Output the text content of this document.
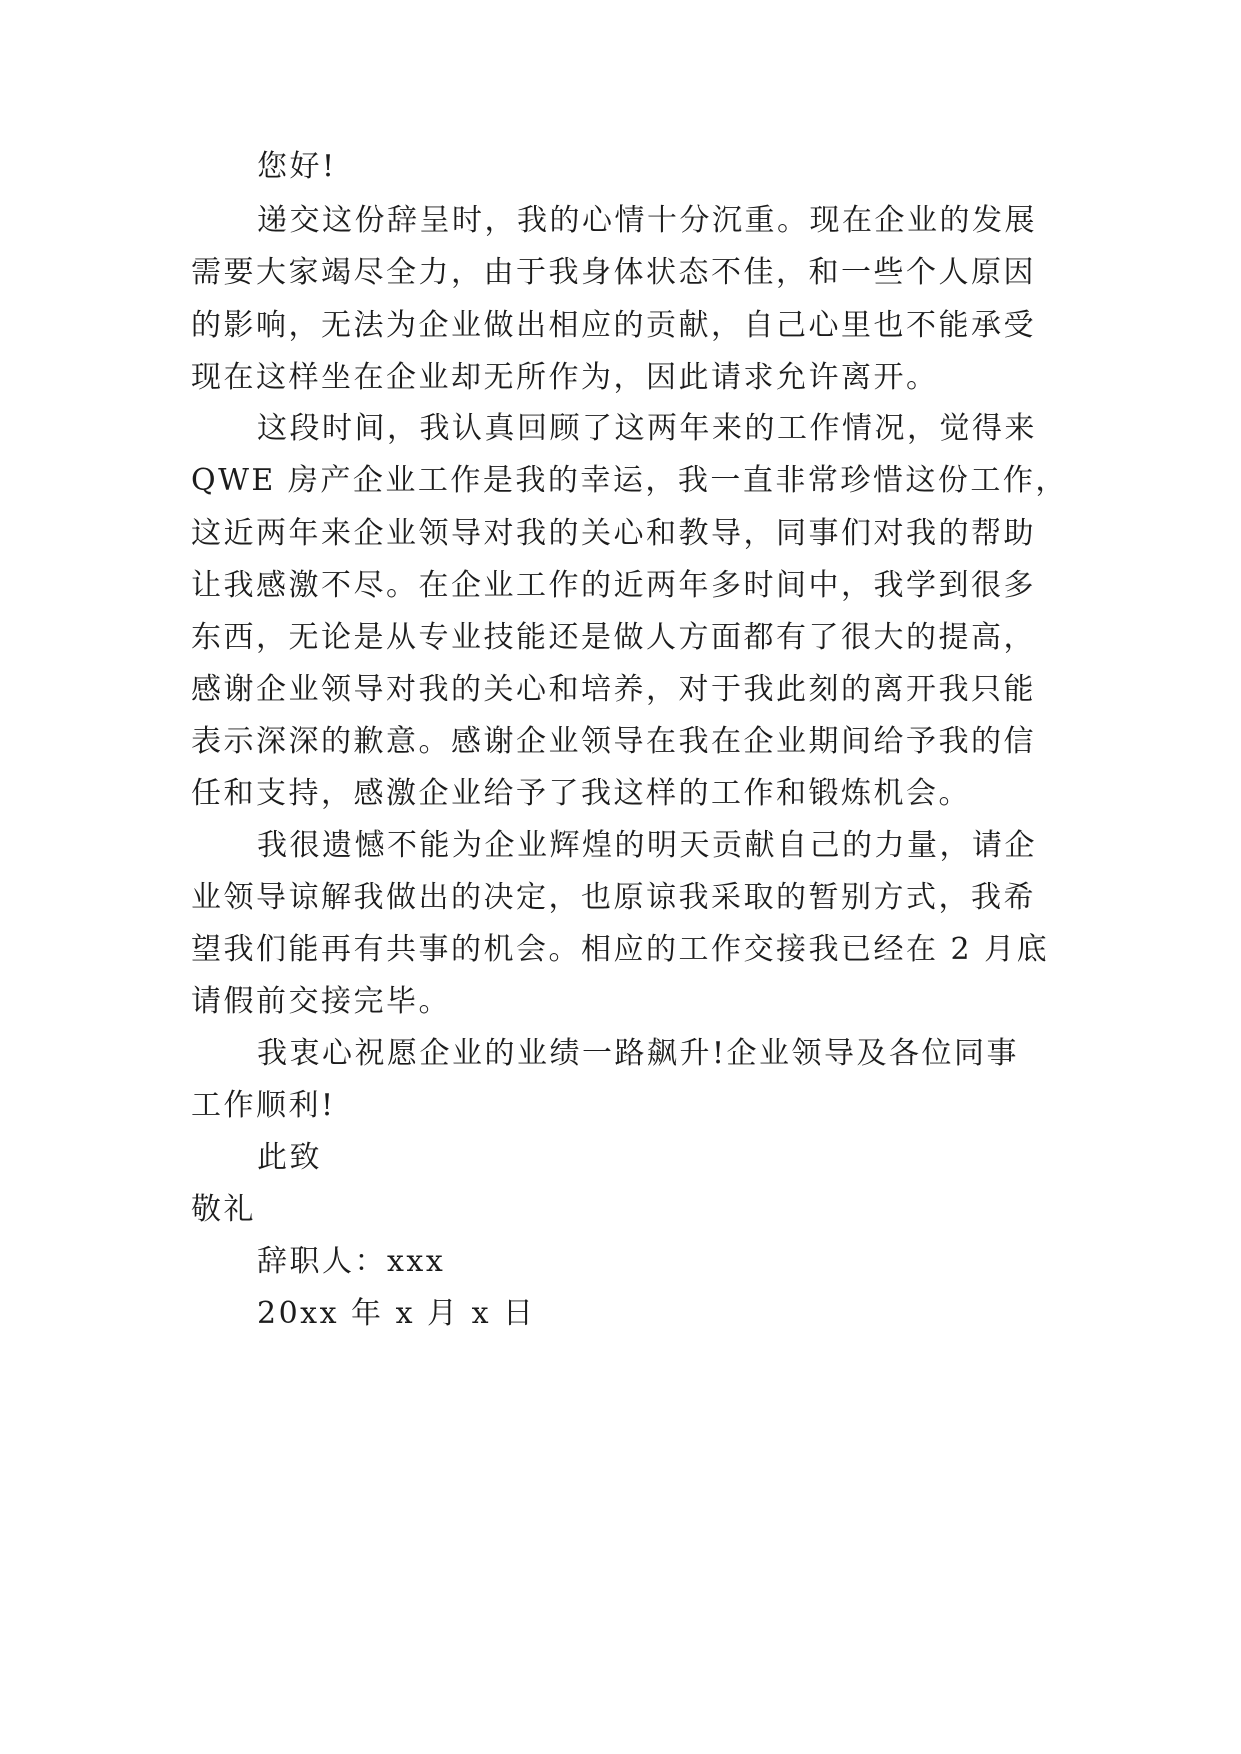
您好!
递交这份辞呈时，我的心情十分沉重。现在企业的发展
需要大家竭尽全力，由于我身体状态不佳，和一些个人原因
的影响，无法为企业做出相应的贡献，自己心里也不能承受
现在这样坐在企业却无所作为，因此请求允许离开。
这段时间，我认真回顾了这两年来的工作情况，觉得来
QWE 房产企业工作是我的幸运，我一直非常珍惜这份工作，
这近两年来企业领导对我的关心和教导，同事们对我的帮助
让我感激不尽。在企业工作的近两年多时间中，我学到很多
东西，无论是从专业技能还是做人方面都有了很大的提高，
感谢企业领导对我的关心和培养，对于我此刻的离开我只能
表示深深的歉意。感谢企业领导在我在企业期间给予我的信
任和支持，感激企业给予了我这样的工作和锻炼机会。
我很遗憾不能为企业辉煌的明天贡献自己的力量，请企
业领导谅解我做出的决定，也原谅我采取的暂别方式，我希
望我们能再有共事的机会。相应的工作交接我已经在 2 月底
请假前交接完毕。
我衷心祝愿企业的业绩一路飙升!企业领导及各位同事
工作顺利!
此致
敬礼
辞职人：xxx
20xx 年 x 月 x 日
